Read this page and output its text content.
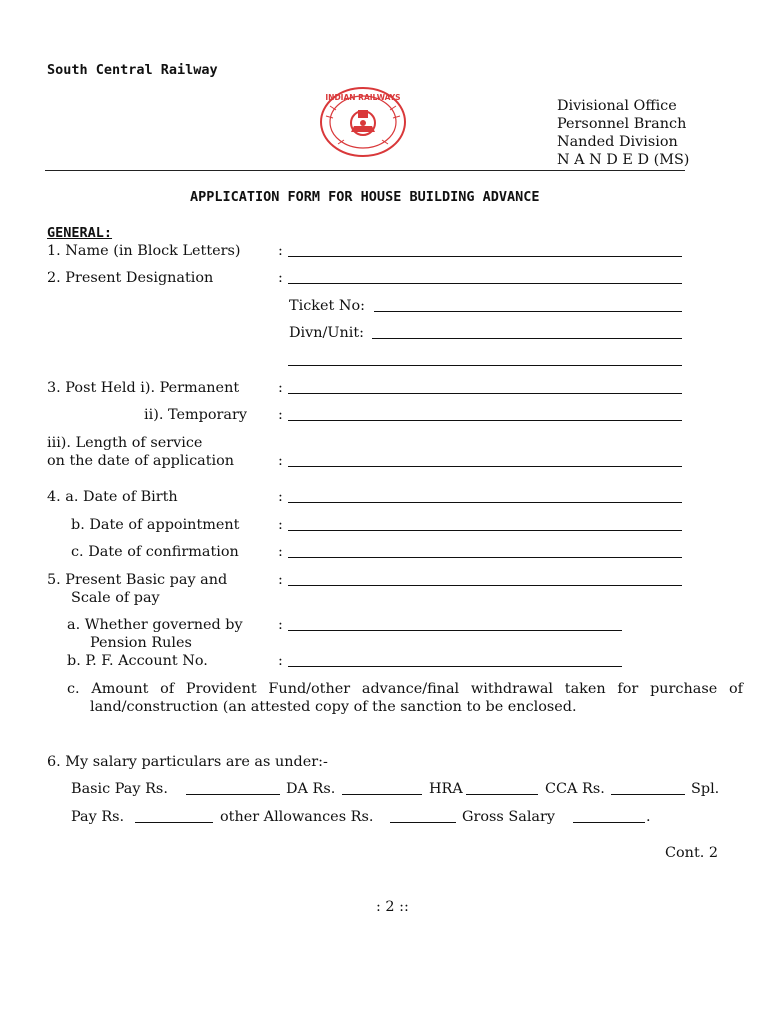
South Central Railway
INDIAN RAILWAYS
Divisional Office
Personnel Branch
Nanded Division
N A N D E D (MS)
APPLICATION FORM FOR HOUSE BUILDING ADVANCE
GENERAL:
1. Name (in Block Letters)	:
2. Present Designation	:
Ticket No:
Divn/Unit:
3. Post Held i). Permanent	:
ii). Temporary :
iii). Length of service
on the date of application	:
4. a. Date of Birth	:
b. Date of appointment	:
c. Date of confirmation	:
5. Present Basic pay and
Scale of pay
:
a. Whether governed by
Pension Rules
:
b. P. F. Account No.	:
c. Amount of Provident Fund/other advance/final withdrawal taken for purchase of land/construction (an attested copy of the sanction to be enclosed.
6. My salary particulars are as under:-
Basic Pay Rs.	DA Rs.	HRA	CCA Rs.	Spl.
Pay Rs.	other Allowances Rs.	Gross Salary	.
Cont. 2
: 2 ::
